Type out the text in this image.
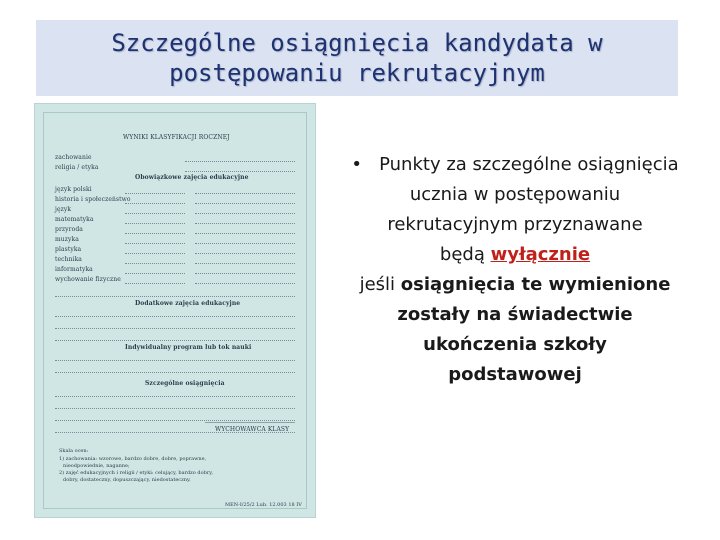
Szczególne osiągnięcia kandydata w
postępowaniu rekrutacyjnym
WYNIKI KLASYFIKACJI ROCZNEJ
zachowanie
religia / etyka
Obowiązkowe zajęcia edukacyjne
język polski
historia i społeczeństwo
język
matematyka
przyroda
muzyka
plastyka
technika
informatyka
wychowanie fizyczne
Dodatkowe zajęcia edukacyjne
Indywidualny program lub tok nauki
Szczególne osiągnięcia
WYCHOWAWCA KLASY
Skala ocen:
1) zachowania: wzorowe, bardzo dobre, dobre, poprawne,
nieodpowiednie, naganne;
2) zajęć edukacyjnych i religii / etyki: celujący, bardzo dobry,
dobry, dostateczny, dopuszczający, niedostateczny.
MEN-I/25/2 Lub. 12.003 18 IV
• Punkty za szczególne osiągnięcia
ucznia w postępowaniu
rekrutacyjnym przyznawane
będą wyłącznie
jeśli osiągnięcia te wymienione
zostały na świadectwie
ukończenia szkoły
podstawowej
